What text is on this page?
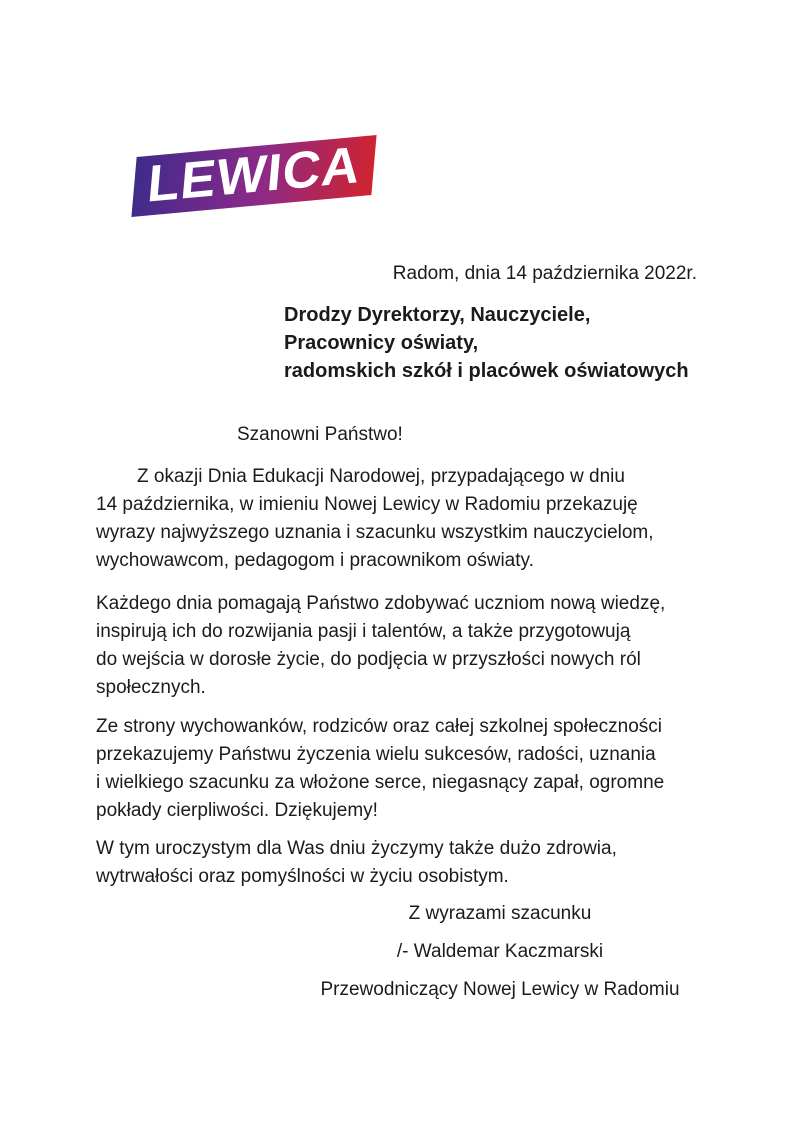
LEWICA
Radom, dnia 14 października 2022r.
Drodzy Dyrektorzy, Nauczyciele,
Pracownicy oświaty,
radomskich szkół i placówek oświatowych
Szanowni Państwo!
Z okazji Dnia Edukacji Narodowej, przypadającego w dniu
14 października, w imieniu Nowej Lewicy w Radomiu przekazuję
wyrazy najwyższego uznania i szacunku wszystkim nauczycielom,
wychowawcom, pedagogom i pracownikom oświaty.
Każdego dnia pomagają Państwo zdobywać uczniom nową wiedzę,
inspirują ich do rozwijania pasji i talentów, a także przygotowują
do wejścia w dorosłe życie, do podjęcia w przyszłości nowych ról
społecznych.
Ze strony wychowanków, rodziców oraz całej szkolnej społeczności
przekazujemy Państwu życzenia wielu sukcesów, radości, uznania
i wielkiego szacunku za włożone serce, niegasnący zapał, ogromne
pokłady cierpliwości. Dziękujemy!
W tym uroczystym dla Was dniu życzymy także dużo zdrowia,
wytrwałości oraz pomyślności w życiu osobistym.
Z wyrazami szacunku
/- Waldemar Kaczmarski
Przewodniczący Nowej Lewicy w Radomiu
